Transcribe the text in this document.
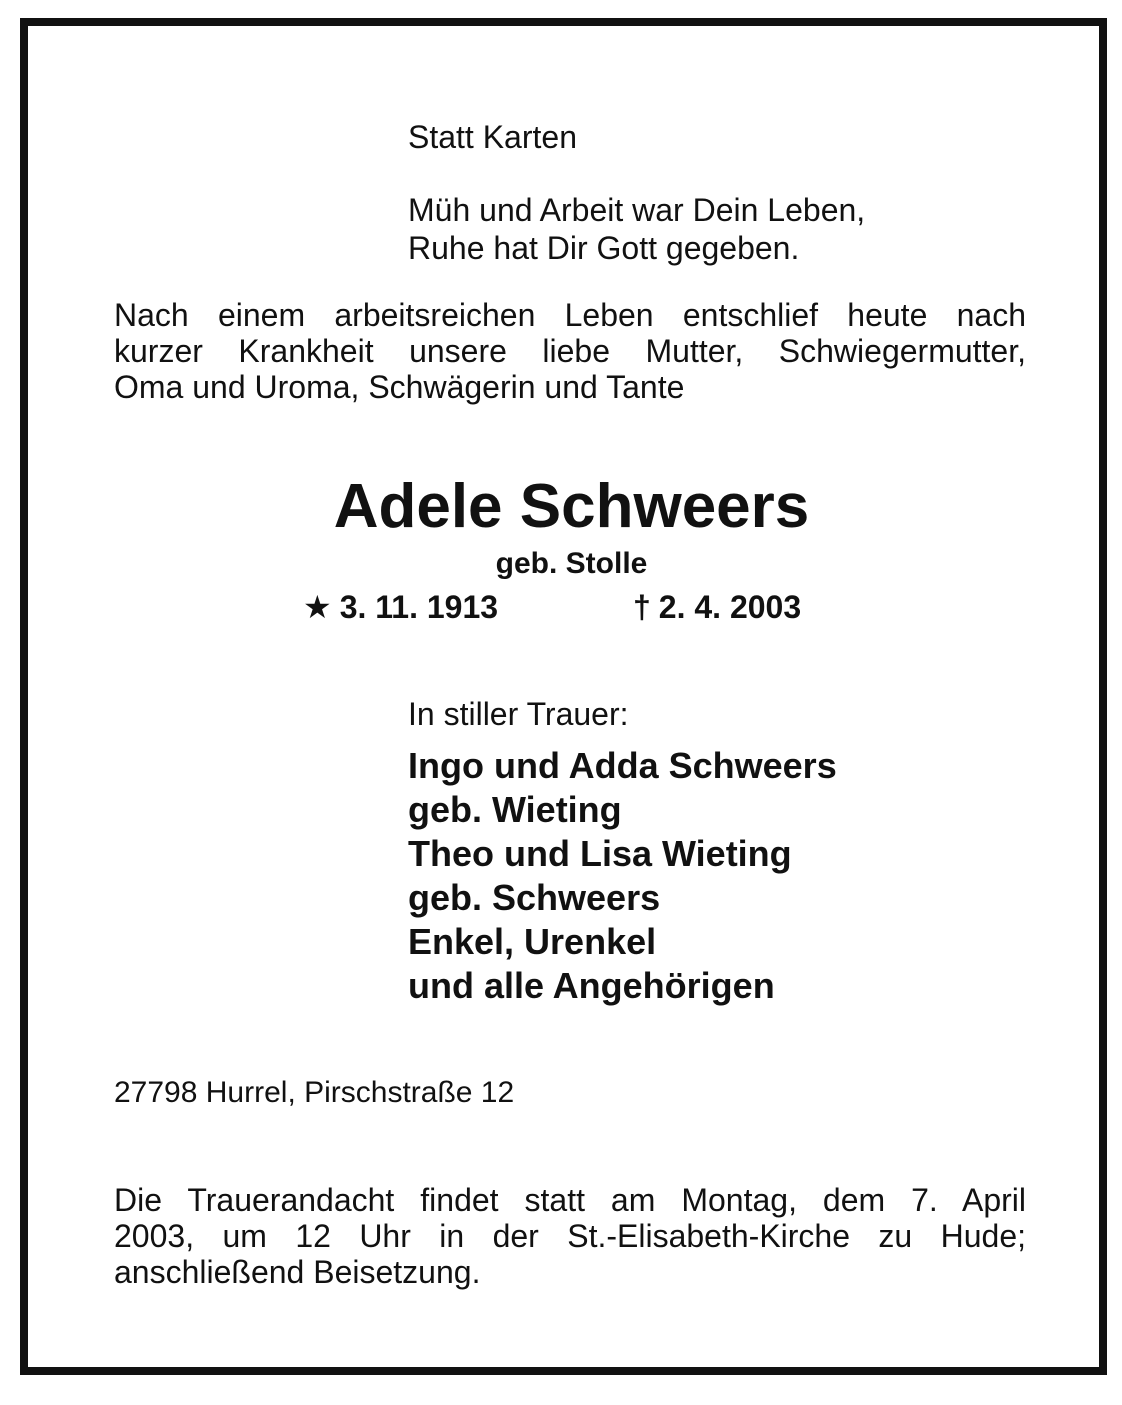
Statt Karten

Müh und Arbeit war Dein Leben,

Ruhe hat Dir Gott gegeben.

Nach einem arbeitsreichen Leben entschlief heute nach

kurzer Krankheit unsere liebe Mutter, Schwiegermutter,

Oma und Uroma, Schwägerin und Tante

Adele Schweers

geb. Stolle

★ 3. 11. 1913	† 2. 4. 2003

In stiller Trauer:

Ingo und Adda Schweers

geb. Wieting

Theo und Lisa Wieting

geb. Schweers

Enkel, Urenkel

und alle Angehörigen

27798 Hurrel, Pirschstraße 12

Die Trauerandacht findet statt am Montag, dem 7. April

2003, um 12 Uhr in der St.-Elisabeth-Kirche zu Hude;

anschließend Beisetzung.
